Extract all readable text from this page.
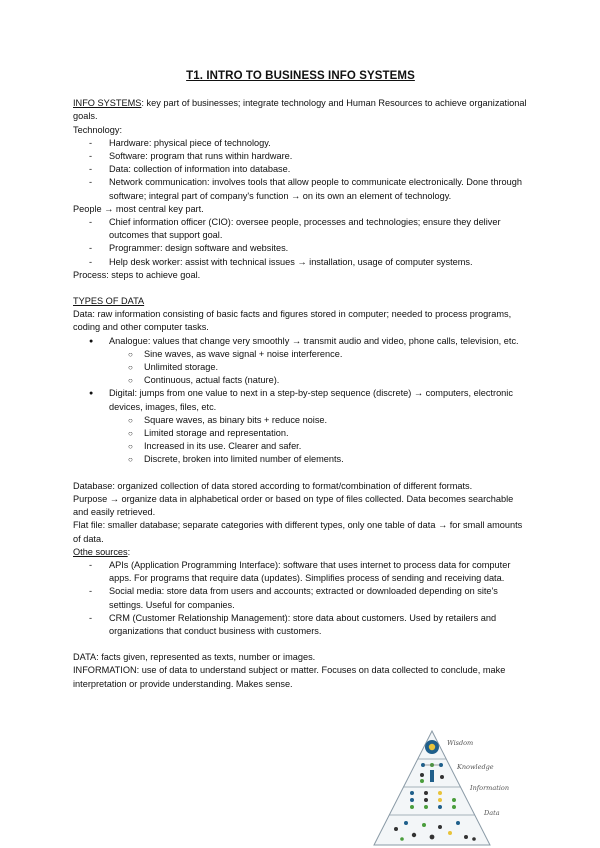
T1. INTRO TO BUSINESS INFO SYSTEMS

INFO SYSTEMS: key part of businesses; integrate technology and Human Resources to achieve organizational goals.

Technology:

- Hardware: physical piece of technology.
- Software: program that runs within hardware.
- Data: collection of information into database.
- Network communication: involves tools that allow people to communicate electronically. Done through software; integral part of company's function → on its own an element of technology.

People → most central key part.

- Chief information officer (CIO): oversee people, processes and technologies; ensure they deliver outcomes that support goal.
- Programmer: design software and websites.
- Help desk worker: assist with technical issues → installation, usage of computer systems.

Process: steps to achieve goal.

TYPES OF DATA

Data: raw information consisting of basic facts and figures stored in computer; needed to process programs, coding and other computer tasks.

● Analogue: values that change very smoothly → transmit audio and video, phone calls, television, etc.
○ Sine waves, as wave signal + noise interference.
○ Unlimited storage.
○ Continuous, actual facts (nature).
● Digital: jumps from one value to next in a step-by-step sequence (discrete) → computers, electronic devices, images, files, etc.
○ Square waves, as binary bits + reduce noise.
○ Limited storage and representation.
○ Increased in its use. Clearer and safer.
○ Discrete, broken into limited number of elements.

Database: organized collection of data stored according to format/combination of different formats.

Purpose → organize data in alphabetical order or based on type of files collected. Data becomes searchable and easily retrieved.

Flat file: smaller database; separate categories with different types, only one table of data → for small amounts of data.

Othe sources:

- APIs (Application Programming Interface): software that uses internet to process data for computer apps. For programs that require data (updates). Simplifies process of sending and receiving data.
- Social media: store data from users and accounts; extracted or downloaded depending on site's settings. Useful for companies.
- CRM (Customer Relationship Management): store data about customers. Used by retailers and organizations that conduct business with customers.

DATA: facts given, represented as texts, number or images.

INFORMATION: use of data to understand subject or matter. Focuses on data collected to conclude, make interpretation or provide understanding. Makes sense.

Wisdom
Knowledge
Information
Data
